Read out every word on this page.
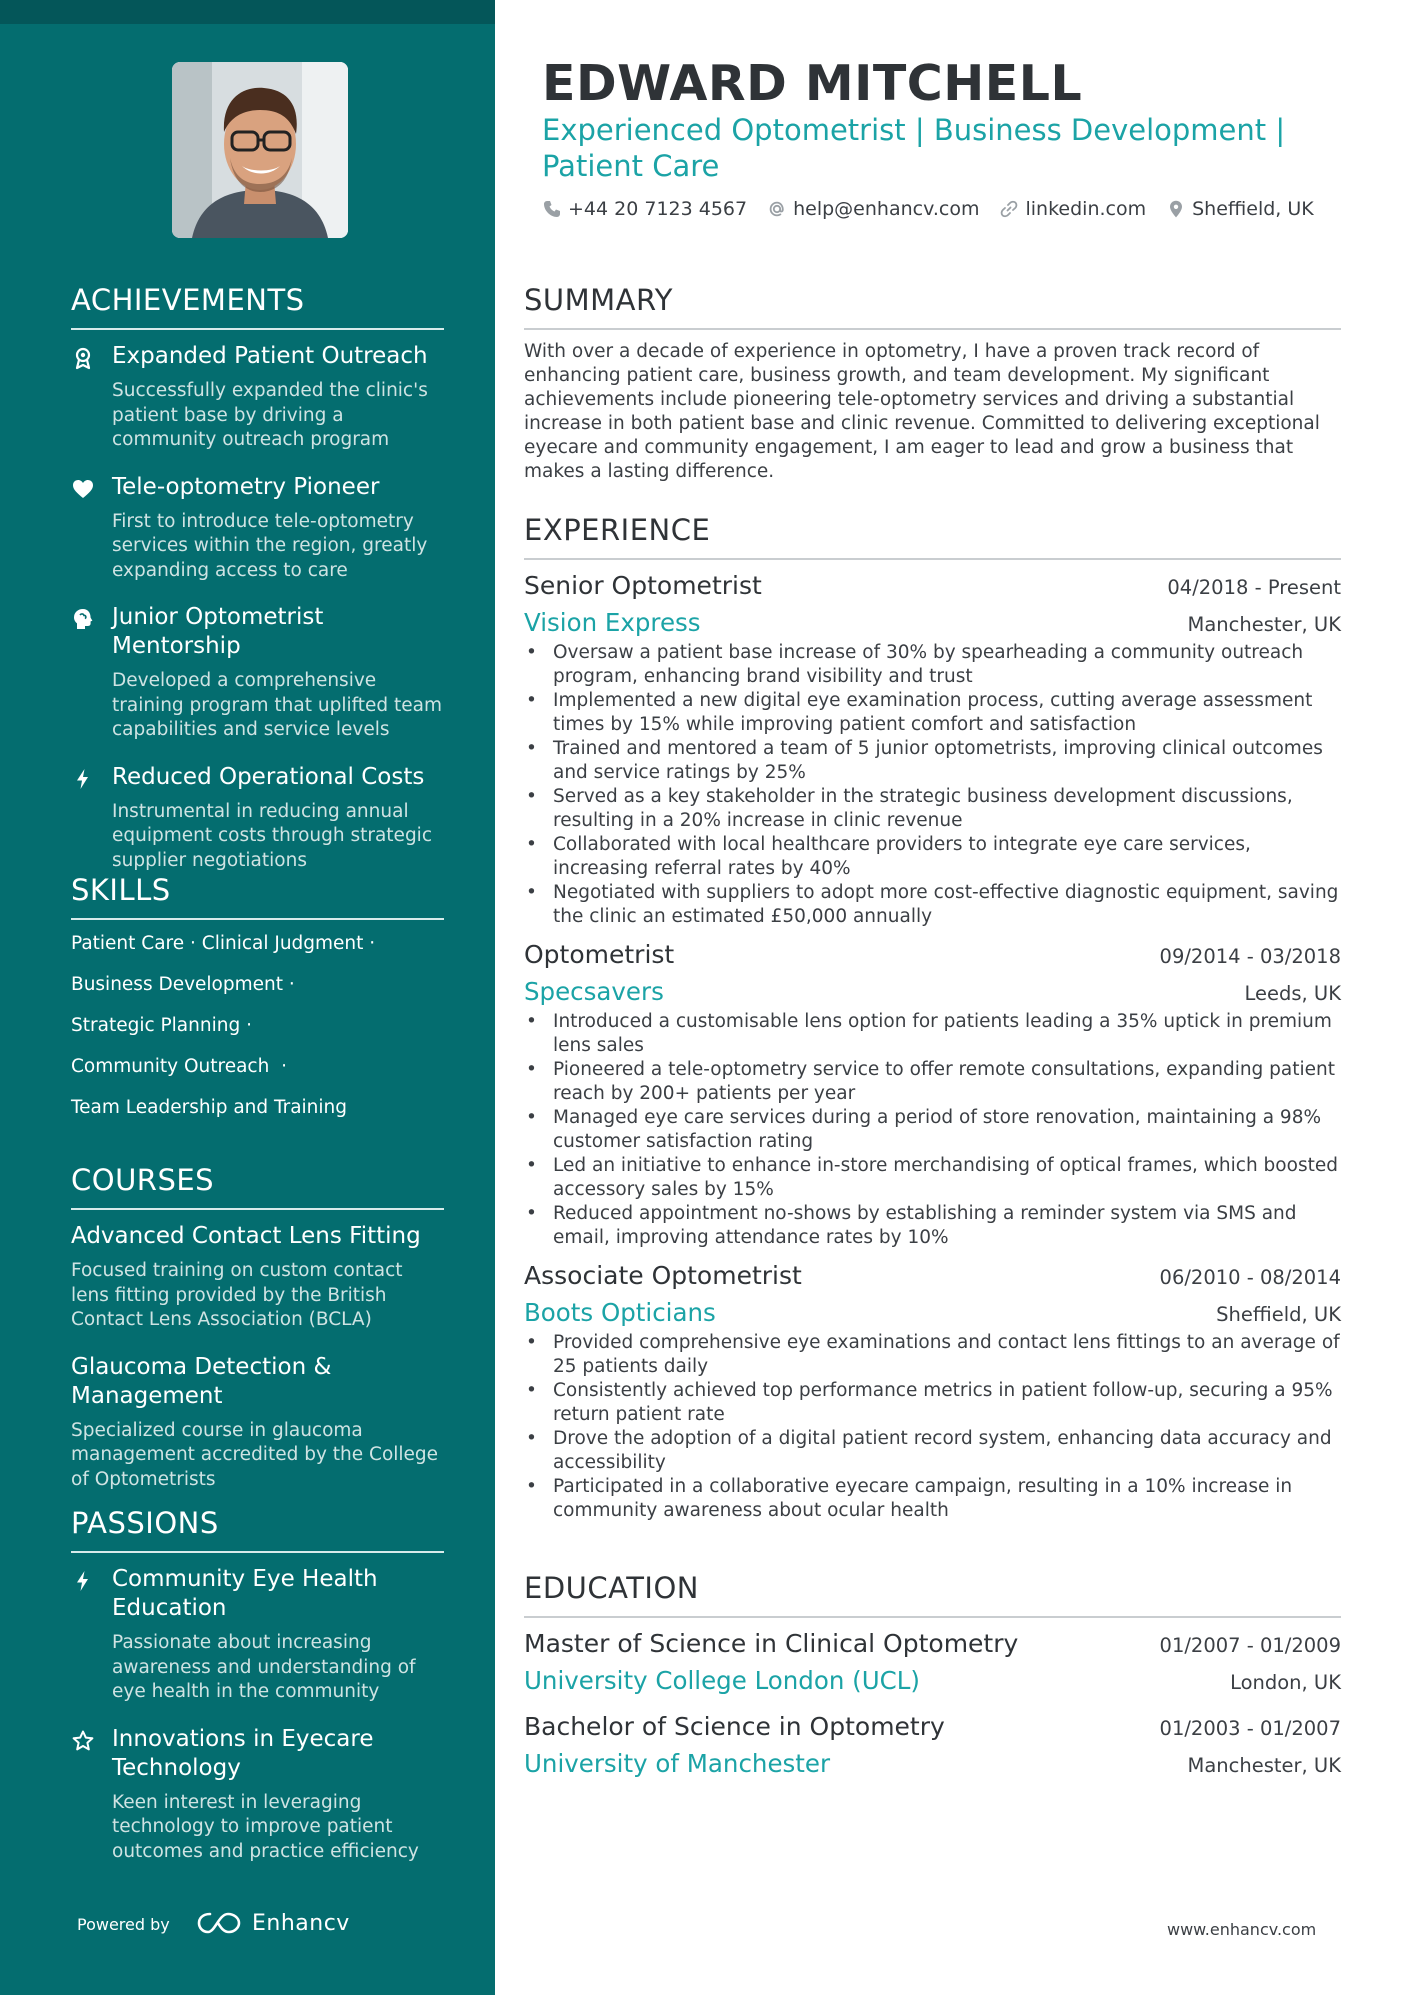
ACHIEVEMENTS
Expanded Patient Outreach
Successfully expanded the clinic's patient base by driving a community outreach program
Tele-optometry Pioneer
First to introduce tele-optometry services within the region, greatly expanding access to care
Junior Optometrist
Mentorship
Developed a comprehensive training program that uplifted team capabilities and service levels
Reduced Operational Costs
Instrumental in reducing annual equipment costs through strategic supplier negotiations
SKILLS
Patient Care · Clinical Judgment ·
Business Development ·
Strategic Planning ·
Community Outreach  ·
Team Leadership and Training
COURSES
Advanced Contact Lens Fitting
Focused training on custom contact lens fitting provided by the British Contact Lens Association (BCLA)
Glaucoma Detection &
Management
Specialized course in glaucoma management accredited by the College of Optometrists
PASSIONS
Community Eye Health
Education
Passionate about increasing awareness and understanding of eye health in the community
Innovations in Eyecare
Technology
Keen interest in leveraging technology to improve patient outcomes and practice efficiency
Powered by	Enhancv
EDWARD MITCHELL
Experienced Optometrist | Business Development |
Patient Care
+44 20 7123 4567 help@enhancv.com linkedin.com Sheffield, UK
SUMMARY
With over a decade of experience in optometry, I have a proven track record of enhancing patient care, business growth, and team development. My significant achievements include pioneering tele-optometry services and driving a substantial increase in both patient base and clinic revenue. Committed to delivering exceptional eyecare and community engagement, I am eager to lead and grow a business that makes a lasting difference.
EXPERIENCE
Senior Optometrist	04/2018 - Present
Vision Express	Manchester, UK
• Oversaw a patient base increase of 30% by spearheading a community outreach program, enhancing brand visibility and trust
• Implemented a new digital eye examination process, cutting average assessment times by 15% while improving patient comfort and satisfaction
• Trained and mentored a team of 5 junior optometrists, improving clinical outcomes and service ratings by 25%
• Served as a key stakeholder in the strategic business development discussions, resulting in a 20% increase in clinic revenue
• Collaborated with local healthcare providers to integrate eye care services, increasing referral rates by 40%
• Negotiated with suppliers to adopt more cost-effective diagnostic equipment, saving the clinic an estimated £50,000 annually
Optometrist	09/2014 - 03/2018
Specsavers	Leeds, UK
• Introduced a customisable lens option for patients leading a 35% uptick in premium lens sales
• Pioneered a tele-optometry service to offer remote consultations, expanding patient reach by 200+ patients per year
• Managed eye care services during a period of store renovation, maintaining a 98% customer satisfaction rating
• Led an initiative to enhance in-store merchandising of optical frames, which boosted accessory sales by 15%
• Reduced appointment no-shows by establishing a reminder system via SMS and email, improving attendance rates by 10%
Associate Optometrist	06/2010 - 08/2014
Boots Opticians	Sheffield, UK
• Provided comprehensive eye examinations and contact lens fittings to an average of 25 patients daily
• Consistently achieved top performance metrics in patient follow-up, securing a 95% return patient rate
• Drove the adoption of a digital patient record system, enhancing data accuracy and accessibility
• Participated in a collaborative eyecare campaign, resulting in a 10% increase in community awareness about ocular health
EDUCATION
Master of Science in Clinical Optometry	01/2007 - 01/2009
University College London (UCL)	London, UK
Bachelor of Science in Optometry	01/2003 - 01/2007
University of Manchester	Manchester, UK
www.enhancv.com
